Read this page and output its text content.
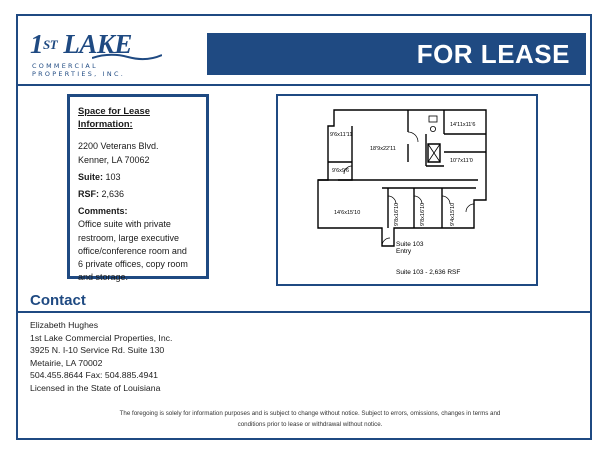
1ST LAKE
COMMERCIAL
PROPERTIES, INC.
FOR LEASE
Space for Lease Information:
2200 Veterans Blvd.
Kenner, LA 70062
Suite: 103
RSF: 2,636
Comments:
Office suite with private
restroom, large executive
office/conference room and
6 private offices, copy room
and storage.
9'6x11'11
18'9x22'11
14'11x11'6
10'7x11'0
9'6x9'6
14'6x15'10	9'8x16'10	9'8x16'10	9'4x15'10
Suite 103
Entry
Suite 103 - 2,636 RSF
Contact
Elizabeth Hughes
1st Lake Commercial Properties, Inc.
3925 N. I-10 Service Rd. Suite 130
Metairie, LA 70002
504.455.8644 Fax: 504.885.4941
Licensed in the State of Louisiana
The foregoing is solely for information purposes and is subject to change without notice. Subject to errors, omissions, changes in terms and
conditions prior to lease or withdrawal without notice.
